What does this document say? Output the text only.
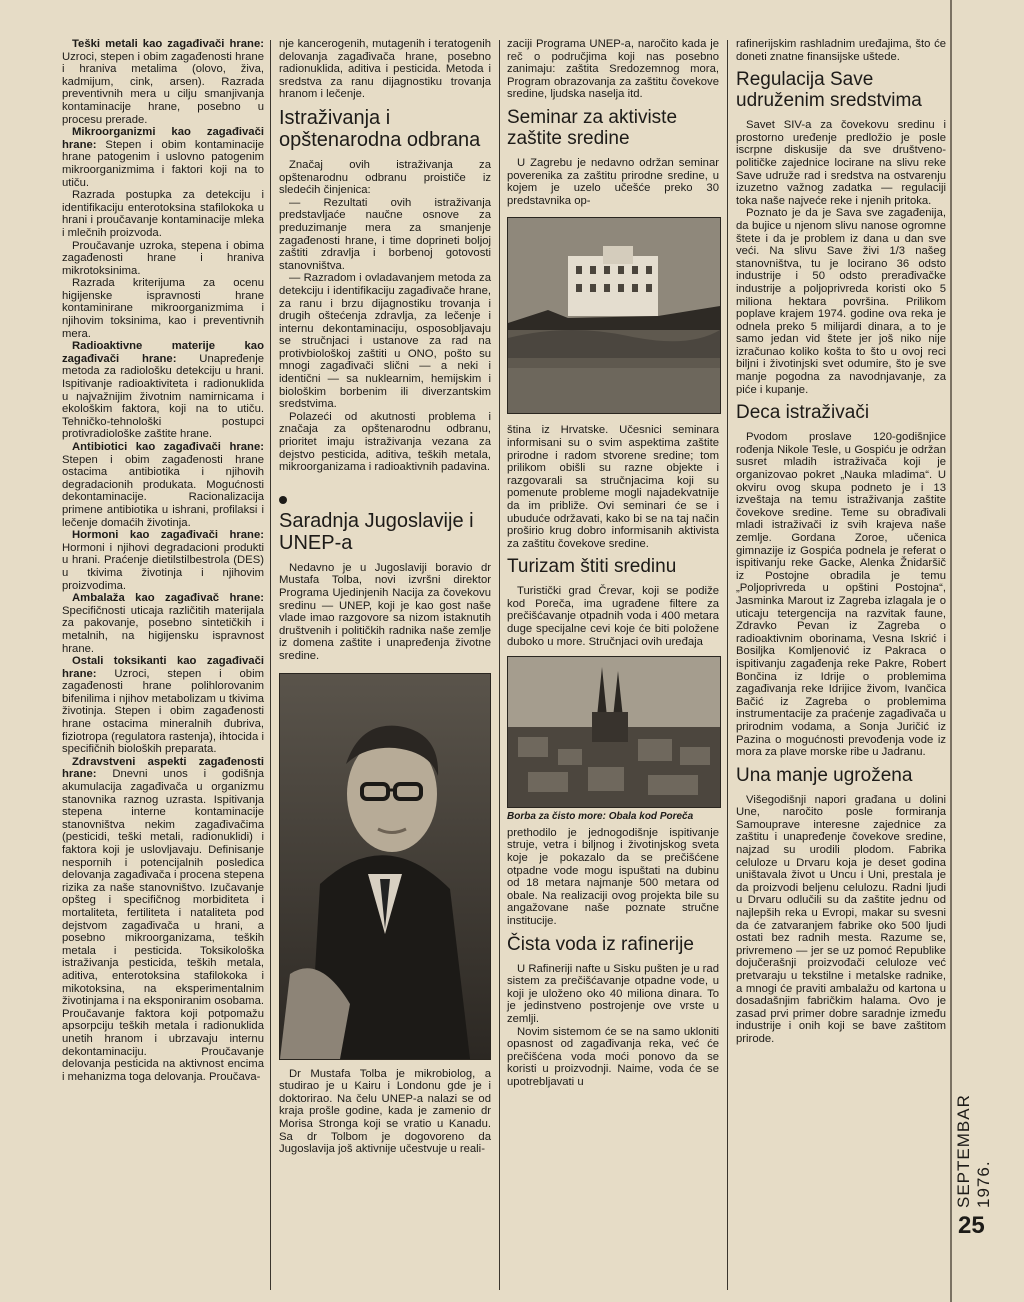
Teški metali kao zagađivači hrane: Uzroci, stepen i obim zagađenosti hrane i hraniva metalima (olovo, živa, kadmijum, cink, arsen). Razrada preventivnih mera u cilju smanjivanja kontaminacije hrane, posebno u procesu prerade.

Mikroorganizmi kao zagađivači hrane: Stepen i obim kontaminacije hrane patogenim i uslovno patogenim mikroorganizmima i faktori koji na to utiču.

Razrada postupka za detekciju i identifikaciju enterotoksina stafilokoka u hrani i proučavanje kontaminacije mleka i mlečnih proizvoda.

Proučavanje uzroka, stepena i obima zagađenosti hrane i hraniva mikrotoksinima.

Razrada kriterijuma za ocenu higijenske ispravnosti hrane kontaminirane mikroorganizmima i njihovim toksinima, kao i preventivnih mera.

Radioaktivne materije kao zagađivači hrane: Unapređenje metoda za radiološku detekciju u hrani. Ispitivanje radioaktiviteta i radionuklida u najvažnijim životnim namirnicama i ekološkim faktora, koji na to utiču. Tehničko-tehnološki postupci protivradiološke zaštite hrane.

Antibiotici kao zagađivači hrane: Stepen i obim zagađenosti hrane ostacima antibiotika i njihovih degradacionih produkata. Mogućnosti dekontaminacije. Racionalizacija primene antibiotika u ishrani, profilaksi i lečenje domaćih životinja.

Hormoni kao zagađivači hrane: Hormoni i njihovi degradacioni produkti u hrani. Praćenje dietilstilbestrola (DES) u tkivima životinja i njihovim proizvodima.

Ambalaža kao zagađivač hrane: Specifičnosti uticaja različitih materijala za pakovanje, posebno sintetičkih i metalnih, na higijensku ispravnost hrane.

Ostali toksikanti kao zagađivači hrane: Uzroci, stepen i obim zagađenosti hrane polihlorovanim bifenilima i njihov metabolizam u tkivima životinja. Stepen i obim zagađenosti hrane ostacima mineralnih đubriva, fiziotropa (regulatora rastenja), ihtocida i specifičnih bioloških preparata.

Zdravstveni aspekti zagađenosti hrane: Dnevni unos i godišnja akumulacija zagađivača u organizmu stanovnika raznog uzrasta. Ispitivanja stepena interne kontaminacije stanovništva nekim zagađivačima (pesticidi, teški metali, radionuklidi) i faktora koji je uslovljavaju. Definisanje nespornih i potencijalnih posledica delovanja zagađivača i procena stepena rizika za naše stanovništvo. Izučavanje opšteg i specifičnog morbiditeta i mortaliteta, fertiliteta i nataliteta pod dejstvom zagađivača u hrani, a posebno mikroorganizama, teških metala i pesticida. Toksikološka istraživanja pesticida, teških metala, aditiva, enterotoksina stafilokoka i mikotoksina, na eksperimentalnim životinjama i na eksponiranim osobama. Proučavanje faktora koji potpomažu apsorpciju teških metala i radionuklida unetih hranom i ubrzavaju internu dekontaminaciju. Proučavanje delovanja pesticida na aktivnost encima i mehanizma toga delovanja. Proučava-

nje kancerogenih, mutagenih i teratogenih delovanja zagađivača hrane, posebno radionuklida, aditiva i pesticida. Metoda i sredstva za ranu dijagnostiku trovanja hranom i lečenje.

Istraživanja i opštenarodna odbrana

Značaj ovih istraživanja za opštenarodnu odbranu proističe iz sledećih činjenica:

— Rezultati ovih istraživanja predstavljaće naučne osnove za preduzimanje mera za smanjenje zagađenosti hrane, i time doprineti boljoj zaštiti zdravlja i borbenoj gotovosti stanovništva.

— Razradom i ovladavanjem metoda za detekciju i identifikaciju zagađivače hrane, za ranu i brzu dijagnostiku trovanja i drugih oštećenja zdravlja, za lečenje i internu dekontaminaciju, osposobljavaju se stručnjaci i ustanove za rad na protivbiološkoj zaštiti u ONO, pošto su mnogi zagađivači slični — a neki i identični — sa nuklearnim, hemijskim i biološkim borbenim ili diverzantskim sredstvima.

Polazeći od akutnosti problema i značaja za opštenarodnu odbranu, prioritet imaju istraživanja vezana za dejstvo pesticida, aditiva, teških metala, mikroorganizama i radioaktivnih padavina.

Saradnja Jugoslavije i UNEP-a

Nedavno je u Jugoslaviji boravio dr Mustafa Tolba, novi izvršni direktor Programa Ujedinjenih Nacija za čovekovu sredinu — UNEP, koji je kao gost naše vlade imao razgovore sa nizom istaknutih društvenih i političkih radnika naše zemlje iz domena zaštite i unapređenja životne sredine.

Dr Mustafa Tolba je mikrobiolog, a studirao je u Kairu i Londonu gde je i doktorirao. Na čelu UNEP-a nalazi se od kraja prošle godine, kada je zamenio dr Morisa Stronga koji se vratio u Kanadu. Sa dr Tolbom je dogovoreno da Jugoslavija još aktivnije učestvuje u reali-

zaciji Programa UNEP-a, naročito kada je reč o područjima koji nas posebno zanimaju: zaštita Sredozemnog mora, Program obrazovanja za zaštitu čovekove sredine, ljudska naselja itd.

Seminar za aktiviste zaštite sredine

U Zagrebu je nedavno održan seminar poverenika za zaštitu prirodne sredine, u kojem je uzelo učešće preko 30 predstavnika op-

ština iz Hrvatske. Učesnici seminara informisani su o svim aspektima zaštite prirodne i radom stvorene sredine; tom prilikom obišli su razne objekte i razgovarali sa stručnjacima koji su pomenute probleme mogli najadekvatnije da im približe. Ovi seminari će se i ubuduće održavati, kako bi se na taj način proširio krug dobro informisanih aktivista za zaštitu čovekove sredine.

Turizam štiti sredinu

Turistički grad Črevar, koji se podiže kod Poreča, ima ugrađene filtere za prečišćavanje otpadnih voda i 400 metara duge specijalne cevi koje će biti položene duboko u more. Stručnjaci ovih uređaja

Borba za čisto more: Obala kod Poreča

prethodilo je jednogodišnje ispitivanje struje, vetra i biljnog i životinjskog sveta koje je pokazalo da se prečišćene otpadne vode mogu ispuštati na dubinu od 18 metara najmanje 500 metara od obale. Na realizaciji ovog projekta bile su angažovane naše poznate stručne institucije.

Čista voda iz rafinerije

U Rafineriji nafte u Sisku pušten je u rad sistem za prečišćavanje otpadne vode, u koji je uloženo oko 40 miliona dinara. To je jedinstveno postrojenje ove vrste u zemlji.

Novim sistemom će se na samo ukloniti opasnost od zagađivanja reka, već će prečišćena voda moći ponovo da se koristi u proizvodnji. Naime, voda će se upotrebljavati u

rafinerijskim rashladnim uređajima, što će doneti znatne finansijske uštede.

Regulacija Save udruženim sredstvima

Savet SIV-a za čovekovu sredinu i prostorno uređenje predložio je posle iscrpne diskusije da sve društveno-političke zajednice locirane na slivu reke Save udruže rad i sredstva na ostvarenju izuzetno važnog zadatka — regulaciji toka naše najveće reke i njenih pritoka.

Poznato je da je Sava sve zagađenija, da bujice u njenom slivu nanose ogromne štete i da je problem iz dana u dan sve veći. Na slivu Save živi 1/3 našeg stanovništva, tu je locirano 36 odsto industrije i 50 odsto prerađivačke industrije a poljoprivreda koristi oko 5 miliona hektara površina. Prilikom poplave krajem 1974. godine ova reka je odnela preko 5 milijardi dinara, a to je samo jedan vid štete jer još niko nije izračunao koliko košta to što u ovoj reci biljni i životinjski svet odumire, što je sve manje pogodna za navodnjavanje, za piće i kupanje.

Deca istraživači

Pvodom proslave 120-godišnjice rođenja Nikole Tesle, u Gospiću je održan susret mladih istraživača koji je organizovao pokret „Nauka mladima“. U okviru ovog skupa podneto je i 13 izveštaja na temu istraživanja zaštite čovekove sredine. Teme su obrađivali mladi istraživači iz svih krajeva naše zemlje. Gordana Zoroe, učenica gimnazije iz Gospića podnela je referat o ispitivanju reke Gacke, Alenka Žnidaršič iz Postojne obradila je temu „Poljoprivreda u opštini Postojna“, Jasminka Marout iz Zagreba izlagala je o uticaju tetergencija na razvitak faune, Zdravko Pevan iz Zagreba o radioaktivnim oborinama, Vesna Iskrić i Bosiljka Komljenović iz Pakraca o ispitivanju zagađenja reke Pakre, Robert Bončina iz Idrije o problemima zagađivanja reke Idrijice živom, Ivančica Bačić iz Zagreba o problemima instrumentacije za praćenje zagađivača u prirodnim vodama, a Sonja Juričić iz Pazina o mogućnosti prevođenja vode iz mora za plave morske ribe u Jadranu.

Una manje ugrožena

Višegodišnji napori građana u dolini Une, naročito posle formiranja Samouprave interesne zajednice za zaštitu i unapređenje čovekove sredine, najzad su urodili plodom. Fabrika celuloze u Drvaru koja je deset godina uništavala život u Uncu i Uni, prestala je da proizvodi beljenu celulozu. Radni ljudi u Drvaru odlučili su da zaštite jednu od najlepših reka u Evropi, makar su svesni da će zatvaranjem fabrike oko 500 ljudi ostati bez radnih mesta. Razume se, privremeno — jer se uz pomoć Republike dojučerašnji proizvođači celuloze već pretvaraju u tekstilne i metalske radnike, a mnogi će praviti ambalažu od kartona u dosadašnjim fabričkim halama. Ovo je zasad prvi primer dobre saradnje između industrije i onih koji se bave zaštitom prirode.

SEPTEMBAR 1976.
25
